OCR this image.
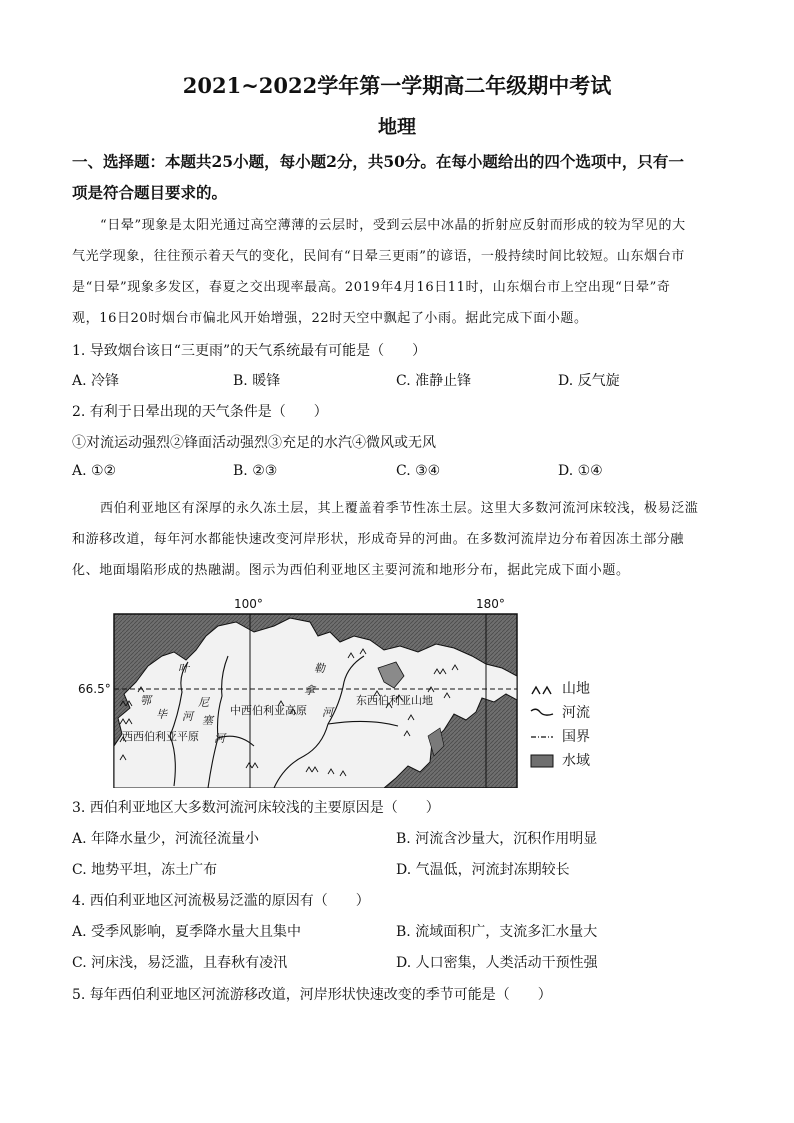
2021~2022学年第一学期高二年级期中考试
地理
一、选择题：本题共25小题，每小题2分，共50分。在每小题给出的四个选项中，只有一
项是符合题目要求的。
“日晕”现象是太阳光通过高空薄薄的云层时，受到云层中冰晶的折射应反射而形成的较为罕见的大
气光学现象，往往预示着天气的变化，民间有“日晕三更雨”的谚语，一般持续时间比较短。山东烟台市
是“日晕”现象多发区，春夏之交出现率最高。2019年4月16日11时，山东烟台市上空出现“日晕”奇
观，16日20时烟台市偏北风开始增强，22时天空中飘起了小雨。据此完成下面小题。
1. 导致烟台该日“三更雨”的天气系统最有可能是（　　）
A. 冷锋	B. 暖锋	C. 准静止锋	D. 反气旋
2. 有利于日晕出现的天气条件是（　　）
①对流运动强烈②锋面活动强烈③充足的水汽④微风或无风
A. ①②	B. ②③	C. ③④	D. ①④
西伯利亚地区有深厚的永久冻土层，其上覆盖着季节性冻土层。这里大多数河流河床较浅，极易泛滥
和游移改道，每年河水都能快速改变河岸形状，形成奇异的河曲。在多数河流岸边分布着因冻土部分融
化、地面塌陷形成的热融湖。图示为西伯利亚地区主要河流和地形分布，据此完成下面小题。
100°	180°
66.5°
叶
尼
塞
河
鄂
毕 河
勒
拿
河
中西伯利亚高原
东西伯利亚山地
西西伯利亚平原
山地
河流
国界
水域
3. 西伯利亚地区大多数河流河床较浅的主要原因是（　　）
A. 年降水量少，河流径流量小	B. 河流含沙量大，沉积作用明显
C. 地势平坦，冻土广布	D. 气温低，河流封冻期较长
4. 西伯利亚地区河流极易泛滥的原因有（　　）
A. 受季风影响，夏季降水量大且集中	B. 流域面积广，支流多汇水量大
C. 河床浅，易泛滥，且春秋有凌汛	D. 人口密集，人类活动干预性强
5. 每年西伯利亚地区河流游移改道，河岸形状快速改变的季节可能是（　　）
